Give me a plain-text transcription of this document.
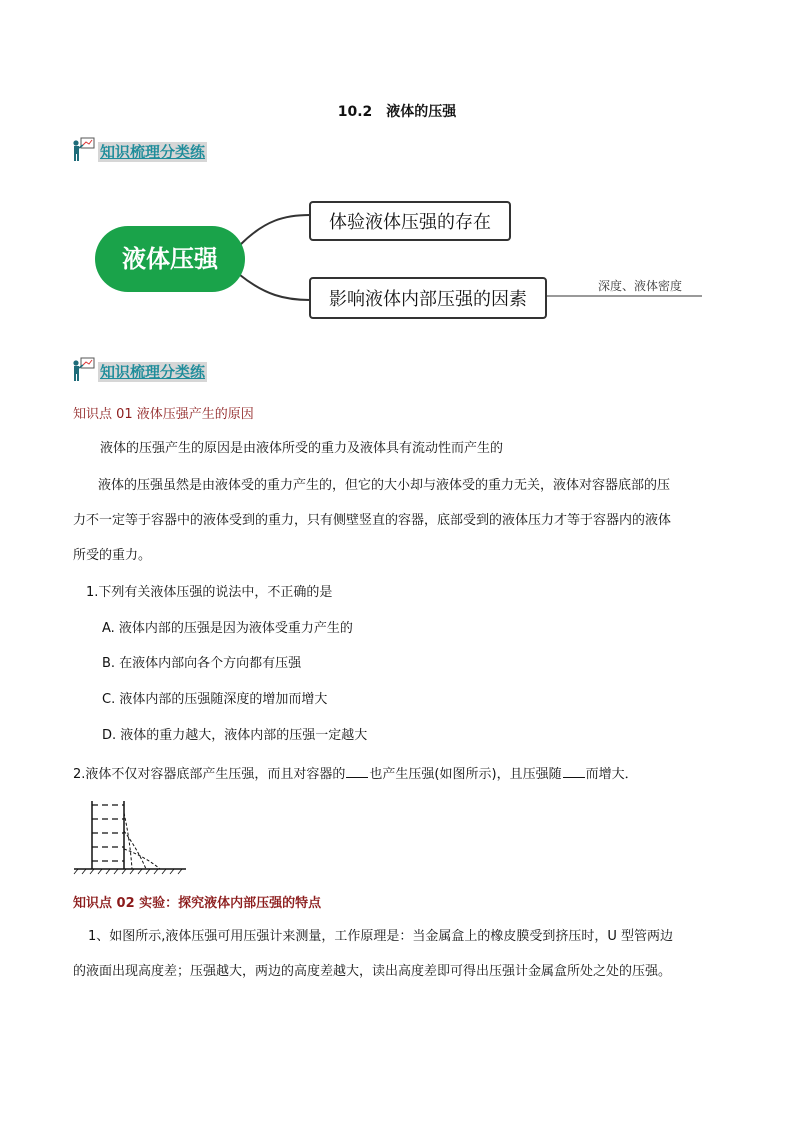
10.2　液体的压强
知识梳理分类练
液体压强
体验液体压强的存在
影响液体内部压强的因素
深度、液体密度
知识梳理分类练
知识点 01 液体压强产生的原因
液体的压强产生的原因是由液体所受的重力及液体具有流动性而产生的
液体的压强虽然是由液体受的重力产生的，但它的大小却与液体受的重力无关，液体对容器底部的压
力不一定等于容器中的液体受到的重力，只有侧壁竖直的容器，底部受到的液体压力才等于容器内的液体
所受的重力。
1.下列有关液体压强的说法中，不正确的是
A. 液体内部的压强是因为液体受重力产生的
B. 在液体内部向各个方向都有压强
C. 液体内部的压强随深度的增加而增大
D. 液体的重力越大，液体内部的压强一定越大
2.液体不仅对容器底部产生压强，而且对容器的 也产生压强(如图所示)，且压强随 而增大．
知识点 02 实验：探究液体内部压强的特点
1、如图所示,液体压强可用压强计来测量，工作原理是：当金属盒上的橡皮膜受到挤压时，U 型管两边
的液面出现高度差；压强越大，两边的高度差越大，读出高度差即可得出压强计金属盒所处之处的压强。
